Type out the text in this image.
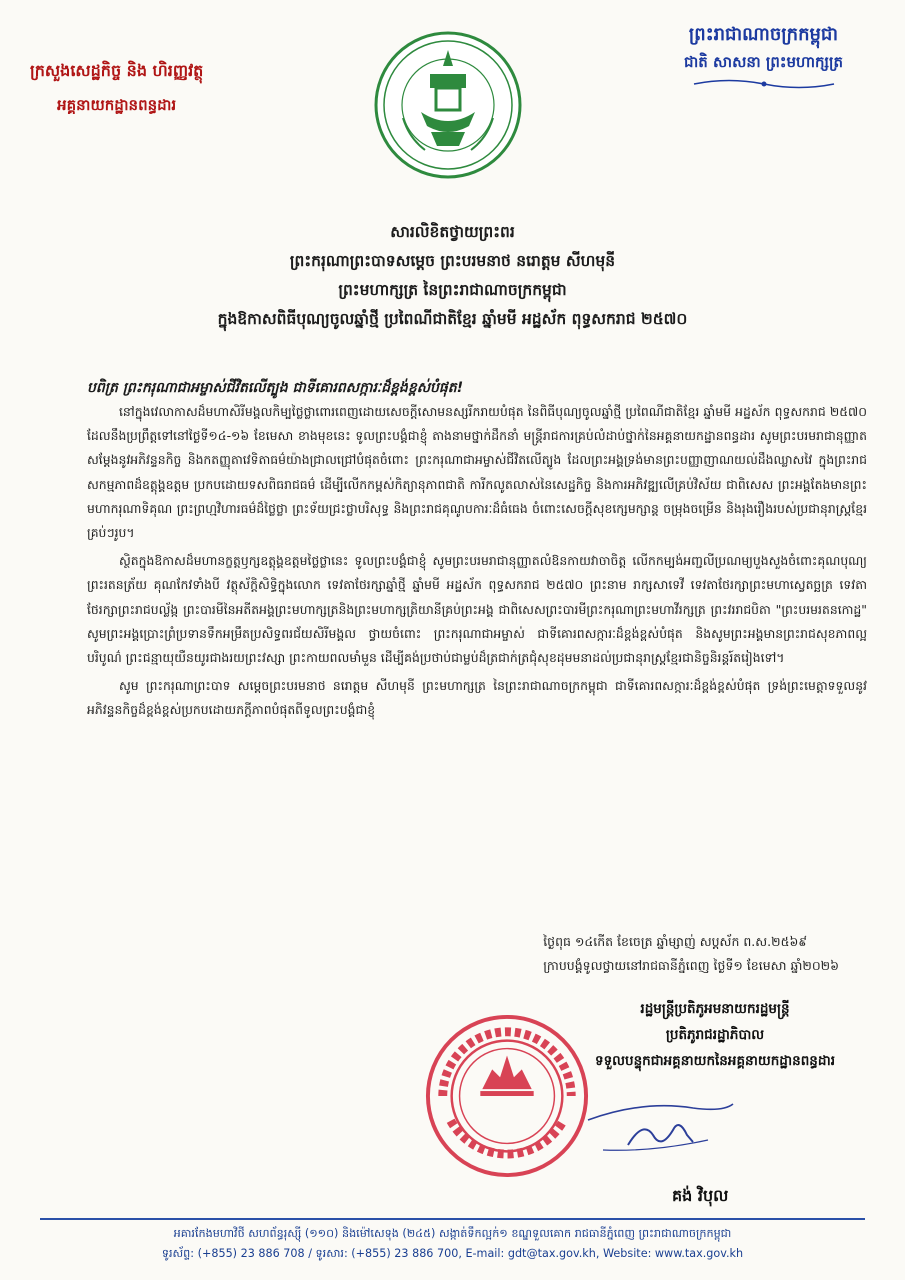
ព្រះរាជាណាចក្រកម្ពុជា
ជាតិ សាសនា ព្រះមហាក្សត្រ
ក្រសួងសេដ្ឋកិច្ច និង ហិរញ្ញវត្ថុ
អគ្គនាយកដ្ឋានពន្ធដារ
សារលិខិតថ្វាយព្រះពរ
ព្រះករុណាព្រះបាទសម្តេច ព្រះបរមនាថ នរោត្តម សីហមុនី
ព្រះមហាក្សត្រ នៃព្រះរាជាណាចក្រកម្ពុជា
ក្នុងឱកាសពិធីបុណ្យចូលឆ្នាំថ្មី ប្រពៃណីជាតិខ្មែរ ឆ្នាំមមី អដ្ឋស័ក ពុទ្ធសករាជ ២៥៧០
បពិត្រ ព្រះករុណាជាអម្ចាស់ជីវិតលើត្បូង ជាទីគោរពសក្ការៈដ៏ខ្ពង់ខ្ពស់បំផុត!

នៅក្នុងវេលាកាសដ៏មហាសិរីមង្គលកិម្បថ្លៃថ្លាពោរពេញដោយសេចក្តីសោមនស្សរីករាយបំផុត នៃពិធីបុណ្យចូលឆ្នាំថ្មី ប្រពៃណីជាតិខ្មែរ ឆ្នាំមមី អដ្ឋស័ក ពុទ្ធសករាជ ២៥៧០ ដែលនឹងប្រព្រឹត្តទៅនៅថ្ងៃទី១៤-១៦ ខែមេសា ខាងមុខនេះ ទូលព្រះបង្គំជាខ្ញុំ តាងនាមថ្នាក់ដឹកនាំ មន្ត្រីរាជការគ្រប់លំដាប់ថ្នាក់នៃអគ្គនាយកដ្ឋានពន្ធដារ សូមព្រះបរមរាជានុញ្ញាតសម្តែងនូវអភិវន្ទនកិច្ច និងកតញ្ញុតាវេទិតាធម៌យ៉ាងជ្រាលជ្រៅបំផុតចំពោះ ព្រះករុណាជាអម្ចាស់ជីវិតលើត្បូង ដែលព្រះអង្គទ្រង់មានព្រះបញ្ញាញាណយល់ដឹងឈ្លាសវៃ ក្នុងព្រះរាជសកម្មភាពដ៏ឧត្តុង្គឧត្តម ប្រកបដោយទសពិធរាជធម៌ ដើម្បីលើកកម្ពស់កិត្យានុភាពជាតិ ការីកលូតលាស់នៃសេដ្ឋកិច្ច និងការអភិវឌ្ឍលើគ្រប់វិស័យ ជាពិសេស ព្រះអង្គតែងមានព្រះមហាករុណាទិគុណ ព្រះព្រហ្មវិហារធម៌ដ៏ថ្លៃថ្លា ព្រះទ័យជ្រះថ្លាបរិសុទ្ធ និងព្រះរាជគុណូបការៈដ៏ធំធេង ចំពោះសេចក្តីសុខក្សេមក្សាន្ត ចម្រុងចម្រើន និងរុងរឿងរបស់ប្រជានុរាស្ត្រខ្មែរគ្រប់ៗរូប។

ស្ថិតក្នុងឱកាសដ៏មហានក្ខត្តឫក្សឧត្តុង្គឧត្តមថ្លៃថ្លានេះ ទូលព្រះបង្គំជាខ្ញុំ សូមព្រះបរមរាជានុញ្ញាតលំឱនកាយវាចាចិត្ត លើកកម្បង់អញ្ជលីប្រណម្យបួងសួងចំពោះគុណបុណ្យព្រះរតនត្រ័យ គុណកែវទាំងបី វត្ថុស័ក្តិសិទ្ធិក្នុងលោក ទេវតាថែរក្សាឆ្នាំថ្មី ឆ្នាំមមី អដ្ឋស័ក ពុទ្ធសករាជ ២៥៧០ ព្រះនាម រាក្សសាទេវី ទេវតាថែរក្សាព្រះមហាស្វេតច្ឆត្រ ទេវតាថែរក្សាព្រះរាជបល្ល័ង្ក ព្រះបារមីនៃអតីតអង្គព្រះមហាក្សត្រនិងព្រះមហាក្សត្រិយានីគ្រប់ព្រះអង្គ ជាពិសេសព្រះបារមីព្រះករុណាព្រះមហាវីរក្សត្រ ព្រះវររាជបិតា "ព្រះបរមរតនកោដ្ឋ" សូមព្រះអង្គប្រោះព្រំប្រទានទឹកអម្រឹតប្រសិទ្ធពរជ័យសិរីមង្គល ថ្វាយចំពោះ ព្រះករុណាជាអម្ចាស់ ជាទីគោរពសក្ការៈដ៏ខ្ពង់ខ្ពស់បំផុត និងសូមព្រះអង្គមានព្រះរាជសុខភាពល្អបរិបូណ៌ ព្រះជន្មាយុយឺនយូរជាងរយព្រះវស្សា ព្រះកាយពលមាំមួន ដើម្បីគង់ប្រថាប់ជាម្លប់ដ៏ត្រជាក់ត្រជុំសុខដុមមនាដល់ប្រជានុរាស្ត្រខ្មែរជានិច្ចនិរន្តរ៍តរៀងទៅ។

សូម ព្រះករុណាព្រះបាទ សម្តេចព្រះបរមនាថ នរោត្តម សីហមុនី ព្រះមហាក្សត្រ នៃព្រះរាជាណាចក្រកម្ពុជា ជាទីគោរពសក្ការៈដ៏ខ្ពង់ខ្ពស់បំផុត ទ្រង់ព្រះមេត្តាទទួលនូវអភិវន្ទនកិច្ចដ៏ខ្ពង់ខ្ពស់ប្រកបដោយភក្តីភាពបំផុតពីទូលព្រះបង្គំជាខ្ញុំ

ថ្ងៃពុធ ១៤កើត ខែចេត្រ ឆ្នាំម្សាញ់ សប្តស័ក ព.ស.២៥៦៩
ក្រាបបង្គំទូលថ្វាយនៅរាជធានីភ្នំពេញ ថ្ងៃទី១ ខែមេសា ឆ្នាំ២០២៦
រដ្ឋមន្ត្រីប្រតិភូអមនាយករដ្ឋមន្ត្រី
ប្រតិភូរាជរដ្ឋាភិបាល
ទទួលបន្ទុកជាអគ្គនាយកនៃអគ្គនាយកដ្ឋានពន្ធដារ
គង់ វិបុល
អគារកែងមហាវិថី សហព័ន្ធរុស្ស៊ី (១១០) និងម៉ៅសេទុង (២៤៥) សង្កាត់ទឹកល្អក់១ ខណ្ឌទួលគោក រាជធានីភ្នំពេញ ព្រះរាជាណាចក្រកម្ពុជា
ទូរស័ព្ទ: (+855) 23 886 708 / ទូរសារ: (+855) 23 886 700, E-mail: gdt@tax.gov.kh, Website: www.tax.gov.kh
